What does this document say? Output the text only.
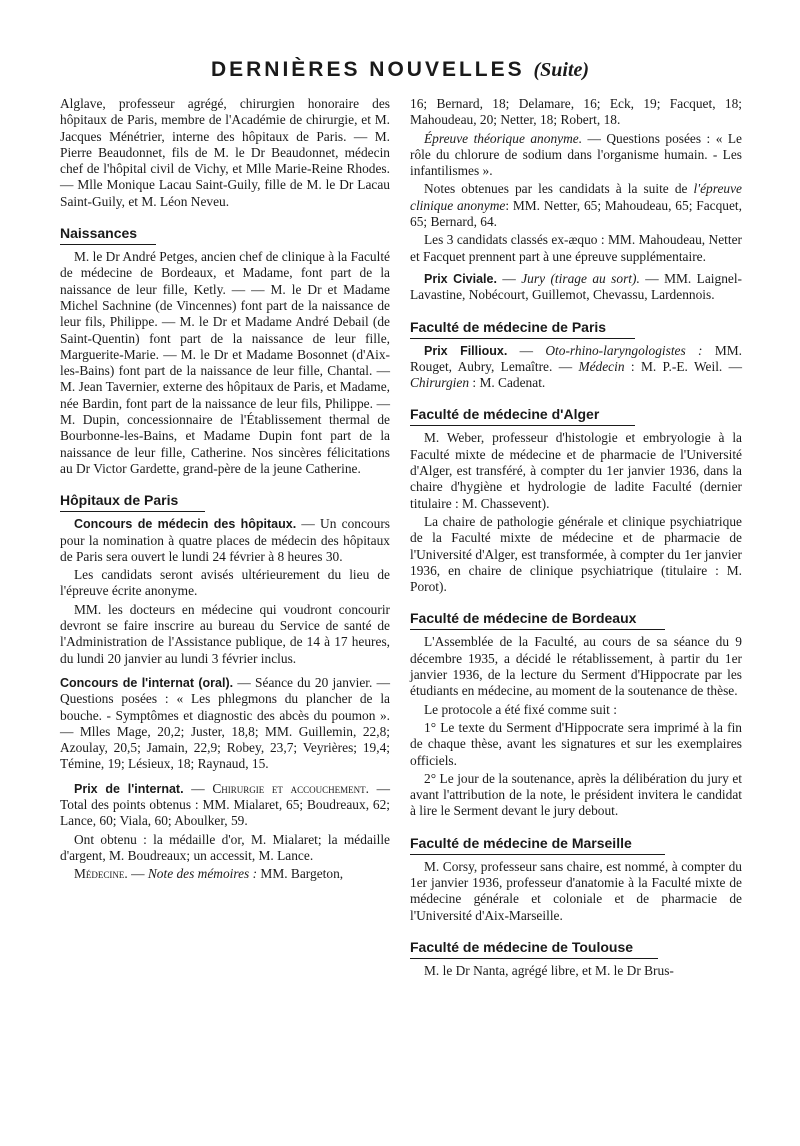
DERNIÈRES NOUVELLES (Suite)

Alglave, professeur agrégé, chirurgien honoraire des hôpitaux de Paris, membre de l'Académie de chirurgie, et M. Jacques Ménétrier, interne des hôpitaux de Paris. — M. Pierre Beaudonnet, fils de M. le Dr Beaudonnet, médecin chef de l'hôpital civil de Vichy, et Mlle Marie-Reine Rhodes. — Mlle Monique Lacau Saint-Guily, fille de M. le Dr Lacau Saint-Guily, et M. Léon Neveu.

Naissances

M. le Dr André Petges, ancien chef de clinique à la Faculté de médecine de Bordeaux, et Madame, font part de la naissance de leur fille, Ketly. — — M. le Dr et Madame Michel Sachnine (de Vincennes) font part de la naissance de leur fils, Philippe. — M. le Dr et Madame André Debail (de Saint-Quentin) font part de la naissance de leur fille, Marguerite-Marie. — M. le Dr et Madame Bosonnet (d'Aix-les-Bains) font part de la naissance de leur fille, Chantal. — M. Jean Tavernier, externe des hôpitaux de Paris, et Madame, née Bardin, font part de la naissance de leur fils, Philippe. — M. Dupin, concessionnaire de l'Établissement thermal de Bourbonne-les-Bains, et Madame Dupin font part de la naissance de leur fille, Catherine. Nos sincères félicitations au Dr Victor Gardette, grand-père de la jeune Catherine.

Hôpitaux de Paris

Concours de médecin des hôpitaux. — Un concours pour la nomination à quatre places de médecin des hôpitaux de Paris sera ouvert le lundi 24 février à 8 heures 30.

Les candidats seront avisés ultérieurement du lieu de l'épreuve écrite anonyme.

MM. les docteurs en médecine qui voudront concourir devront se faire inscrire au bureau du Service de santé de l'Administration de l'Assistance publique, de 14 à 17 heures, du lundi 20 janvier au lundi 3 février inclus.

Concours de l'internat (oral). — Séance du 20 janvier. — Questions posées : « Les phlegmons du plancher de la bouche. - Symptômes et diagnostic des abcès du poumon ». — Mlles Mage, 20,2; Juster, 18,8; MM. Guillemin, 22,8; Azoulay, 20,5; Jamain, 22,9; Robey, 23,7; Veyrières; 19,4; Témine, 19; Lésieux, 18; Raynaud, 15.

Prix de l'internat. — Chirurgie et accouchement. — Total des points obtenus : MM. Mialaret, 65; Boudreaux, 62; Lance, 60; Viala, 60; Aboulker, 59.

Ont obtenu : la médaille d'or, M. Mialaret; la médaille d'argent, M. Boudreaux; un accessit, M. Lance.

Médecine. — Note des mémoires : MM. Bargeton,

16; Bernard, 18; Delamare, 16; Eck, 19; Facquet, 18; Mahoudeau, 20; Netter, 18; Robert, 18.

Épreuve théorique anonyme. — Questions posées : « Le rôle du chlorure de sodium dans l'organisme humain. - Les infantilismes ».

Notes obtenues par les candidats à la suite de l'épreuve clinique anonyme: MM. Netter, 65; Mahoudeau, 65; Facquet, 65; Bernard, 64.

Les 3 candidats classés ex-æquo : MM. Mahoudeau, Netter et Facquet prennent part à une épreuve supplémentaire.

Prix Civiale. — Jury (tirage au sort). — MM. Laignel-Lavastine, Nobécourt, Guillemot, Chevassu, Lardennois.

Faculté de médecine de Paris

Prix Fillioux. — Oto-rhino-laryngologistes : MM. Rouget, Aubry, Lemaître. — Médecin : M. P.-E. Weil. — Chirurgien : M. Cadenat.

Faculté de médecine d'Alger

M. Weber, professeur d'histologie et embryologie à la Faculté mixte de médecine et de pharmacie de l'Université d'Alger, est transféré, à compter du 1er janvier 1936, dans la chaire d'hygiène et hydrologie de ladite Faculté (dernier titulaire : M. Chassevent).

La chaire de pathologie générale et clinique psychiatrique de la Faculté mixte de médecine et de pharmacie de l'Université d'Alger, est transformée, à compter du 1er janvier 1936, en chaire de clinique psychiatrique (titulaire : M. Porot).

Faculté de médecine de Bordeaux

L'Assemblée de la Faculté, au cours de sa séance du 9 décembre 1935, a décidé le rétablissement, à partir du 1er janvier 1936, de la lecture du Serment d'Hippocrate par les étudiants en médecine, au moment de la soutenance de thèse.

Le protocole a été fixé comme suit :

1° Le texte du Serment d'Hippocrate sera imprimé à la fin de chaque thèse, avant les signatures et sur les exemplaires officiels.

2° Le jour de la soutenance, après la délibération du jury et avant l'attribution de la note, le président invitera le candidat à lire le Serment devant le jury debout.

Faculté de médecine de Marseille

M. Corsy, professeur sans chaire, est nommé, à compter du 1er janvier 1936, professeur d'anatomie à la Faculté mixte de médecine générale et coloniale et de pharmacie de l'Université d'Aix-Marseille.

Faculté de médecine de Toulouse

M. le Dr Nanta, agrégé libre, et M. le Dr Brus-
